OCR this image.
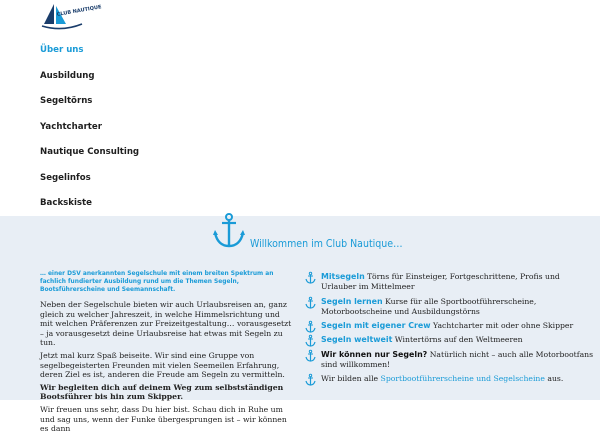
CLUB NAUTIQUE
Über uns
Ausbildung
Segeltörns
Yachtcharter
Nautique Consulting
Segelinfos
Backskiste
Willkommen im Club Nautique…

… einer DSV anerkannten Segelschule mit einem breiten Spektrum an fachlich fundierter Ausbildung rund um die Themen Segeln, Bootsführerscheine und Seemannschaft.

Neben der Segelschule bieten wir auch Urlaubsreisen an, ganz gleich zu welcher Jahreszeit, in welche Himmelsrichtung und mit welchen Präferenzen zur Freizeitgestaltung… vorausgesetzt – ja vorausgesetzt deine Urlaubsreise hat etwas mit Segeln zu tun.

Jetzt mal kurz Spaß beiseite. Wir sind eine Gruppe von segelbegeisterten Freunden mit vielen Seemeilen Erfahrung, deren Ziel es ist, anderen die Freude am Segeln zu vermitteln.

Wir begleiten dich auf deinem Weg zum selbstständigen Bootsführer bis hin zum Skipper.

Wir freuen uns sehr, dass Du hier bist. Schau dich in Ruhe um und sag uns, wenn der Funke übergesprungen ist – wir können es dann

Mitsegeln Törns für Einsteiger, Fortgeschrittene, Profis und Urlauber im Mittelmeer
Segeln lernen Kurse für alle Sportbootführerscheine, Motorbootscheine und Ausbildungstörns
Segeln mit eigener Crew Yachtcharter mit oder ohne Skipper
Segeln weltweit Wintertörns auf den Weltmeeren
Wir können nur Segeln? Natürlich nicht – auch alle Motorbootfans sind willkommen!
Wir bilden alle Sportbootführerscheine und Segelscheine aus.
